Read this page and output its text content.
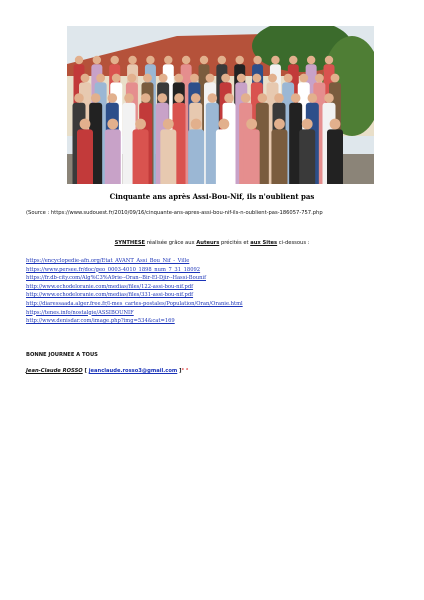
Cinquante ans après Assi-Bou-Nif, ils n'oublient pas
(Source : https://www.sudouest.fr/2010/09/16/cinquante-ans-apres-assi-bou-nif-ils-n-oublient-pas-186057-757.php
SYNTHESE réalisée grâce aux Auteurs précités et aux Sites ci-dessous :
https://encyclopedie-afn.org/Etat_AVANT_Assi_Bou_Nif_-_Ville
https://www.persee.fr/doc/geo_0003-4010_1898_num_7_31_18092
https://fr.db-city.com/Alg%C3%A9rie--Oran--Bir-El-Djir--Hassi-Bounif
http://www.echodeloranie.com/medias/files/122-assi-bou-nif.pdf
http://www.echodeloranie.com/medias/files/331-assi-bou-nif.pdf
http://diaressaada.alger.free.fr/l-mes_cartes-postales/Population/Oran/Oranie.html
https://tenes.info/nostalgie/ASSIBOUNIF
http://www.denisdar.com/image.php?img=534&cat=169
BONNE JOURNEE A TOUS
Jean-Claude ROSSO [ jeanclaude.rosso3@gmail.com ]° °
